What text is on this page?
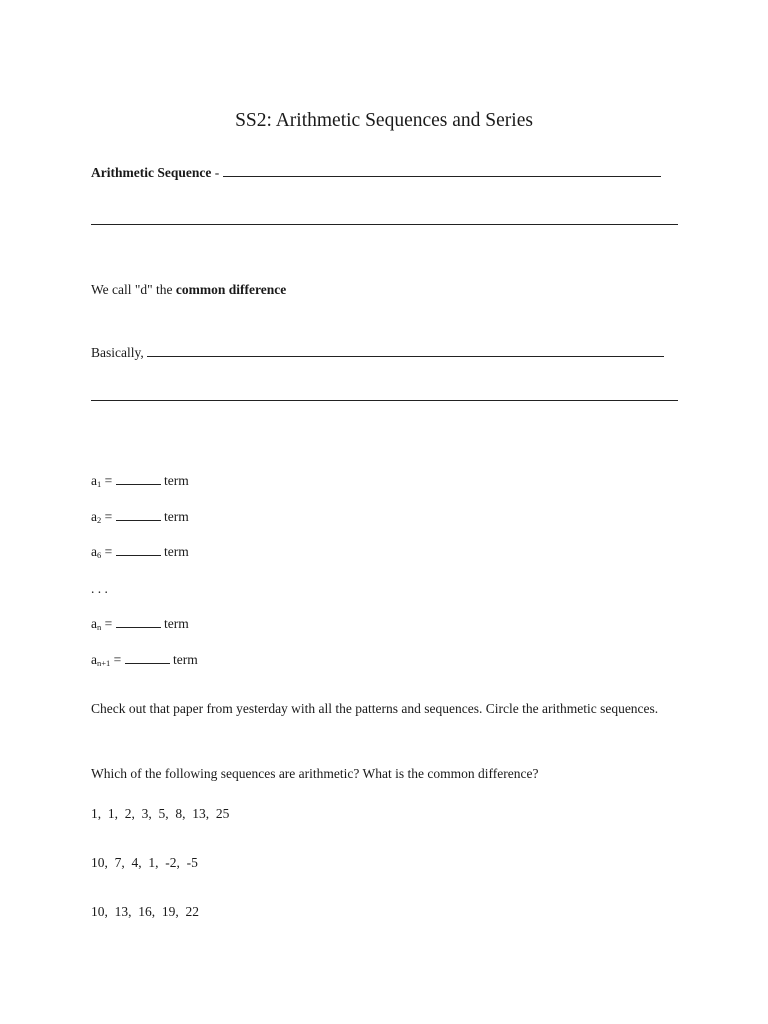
SS2: Arithmetic Sequences and Series
Arithmetic Sequence -
We call "d" the common difference
Basically,
$a_1$ =	term
$a_2$ =	term
$a_6$ =	term
. . .
$a_n$ =	term
$a_{n+1}$ =	term
Check out that paper from yesterday with all the patterns and sequences. Circle the arithmetic sequences.
Which of the following sequences are arithmetic? What is the common difference?
1,  1,  2,  3,  5,  8,  13,  25
10,  7,  4,  1,  -2,  -5
10,  13,  16,  19,  22
